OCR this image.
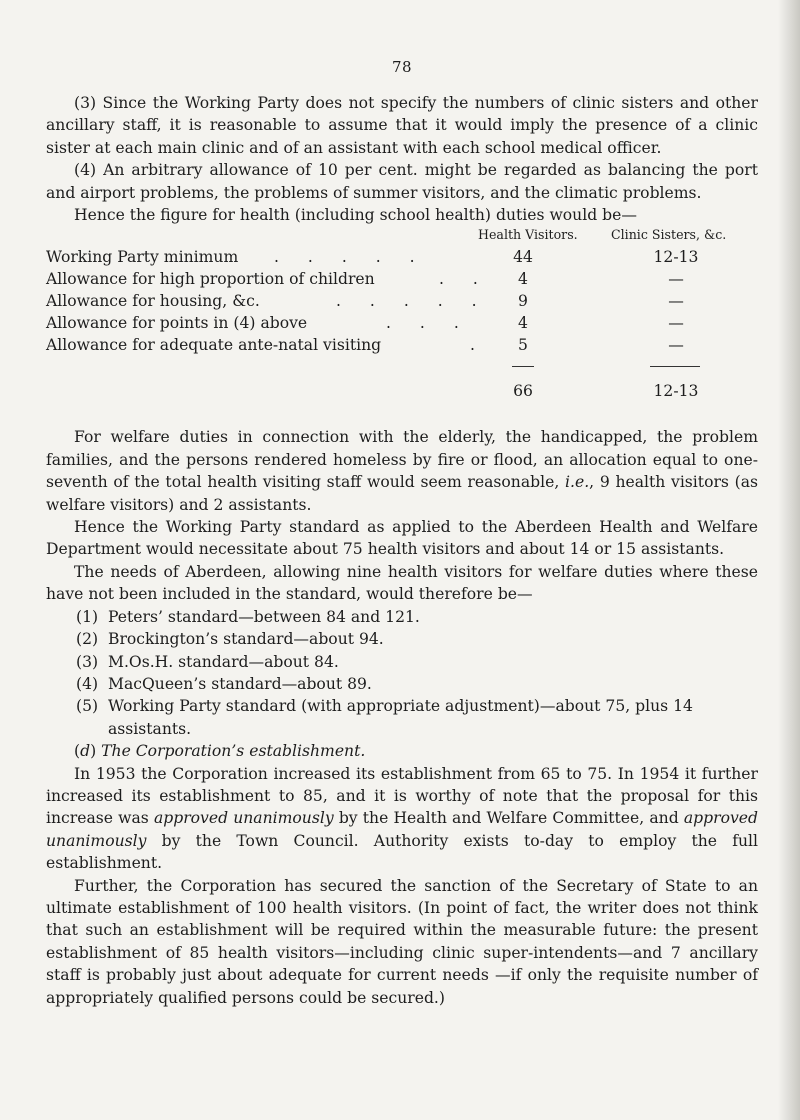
78

(3) Since the Working Party does not specify the numbers of clinic sisters and other ancillary staff, it is reasonable to assume that it would imply the presence of a clinic sister at each main clinic and of an assistant with each school medical officer.

(4) An arbitrary allowance of 10 per cent. might be regarded as balancing the port and airport problems, the problems of summer visitors, and the climatic problems.

Hence the figure for health (including school health) duties would be—

Health Visitors.	Clinic Sisters, &c.
Working Party minimum . . . . .	44	12-13
Allowance for high proportion of children	. .	4	—
Allowance for housing, &c.	. . . . .	9	—
Allowance for points in (4) above	. . .	4	—
Allowance for adequate ante-natal visiting	.	5	—
66	12-13

For welfare duties in connection with the elderly, the handicapped, the problem families, and the persons rendered homeless by fire or flood, an allocation equal to one-seventh of the total health visiting staff would seem reasonable, i.e., 9 health visitors (as welfare visitors) and 2 assistants.

Hence the Working Party standard as applied to the Aberdeen Health and Welfare Department would necessitate about 75 health visitors and about 14 or 15 assistants.

The needs of Aberdeen, allowing nine health visitors for welfare duties where these have not been included in the standard, would therefore be—

(1) Peters’ standard—between 84 and 121.
(2) Brockington’s standard—about 94.
(3) M.Os.H. standard—about 84.
(4) MacQueen’s standard—about 89.
(5) Working Party standard (with appropriate adjustment)—about 75, plus 14 assistants.

(d) The Corporation’s establishment.

In 1953 the Corporation increased its establishment from 65 to 75. In 1954 it further increased its establishment to 85, and it is worthy of note that the proposal for this increase was approved unanimously by the Health and Welfare Committee, and approved unanimously by the Town Council. Authority exists to-day to employ the full establishment.

Further, the Corporation has secured the sanction of the Secretary of State to an ultimate establishment of 100 health visitors. (In point of fact, the writer does not think that such an establishment will be required within the measurable future: the present establishment of 85 health visitors—including clinic super-intendents—and 7 ancillary staff is probably just about adequate for current needs —if only the requisite number of appropriately qualified persons could be secured.)
